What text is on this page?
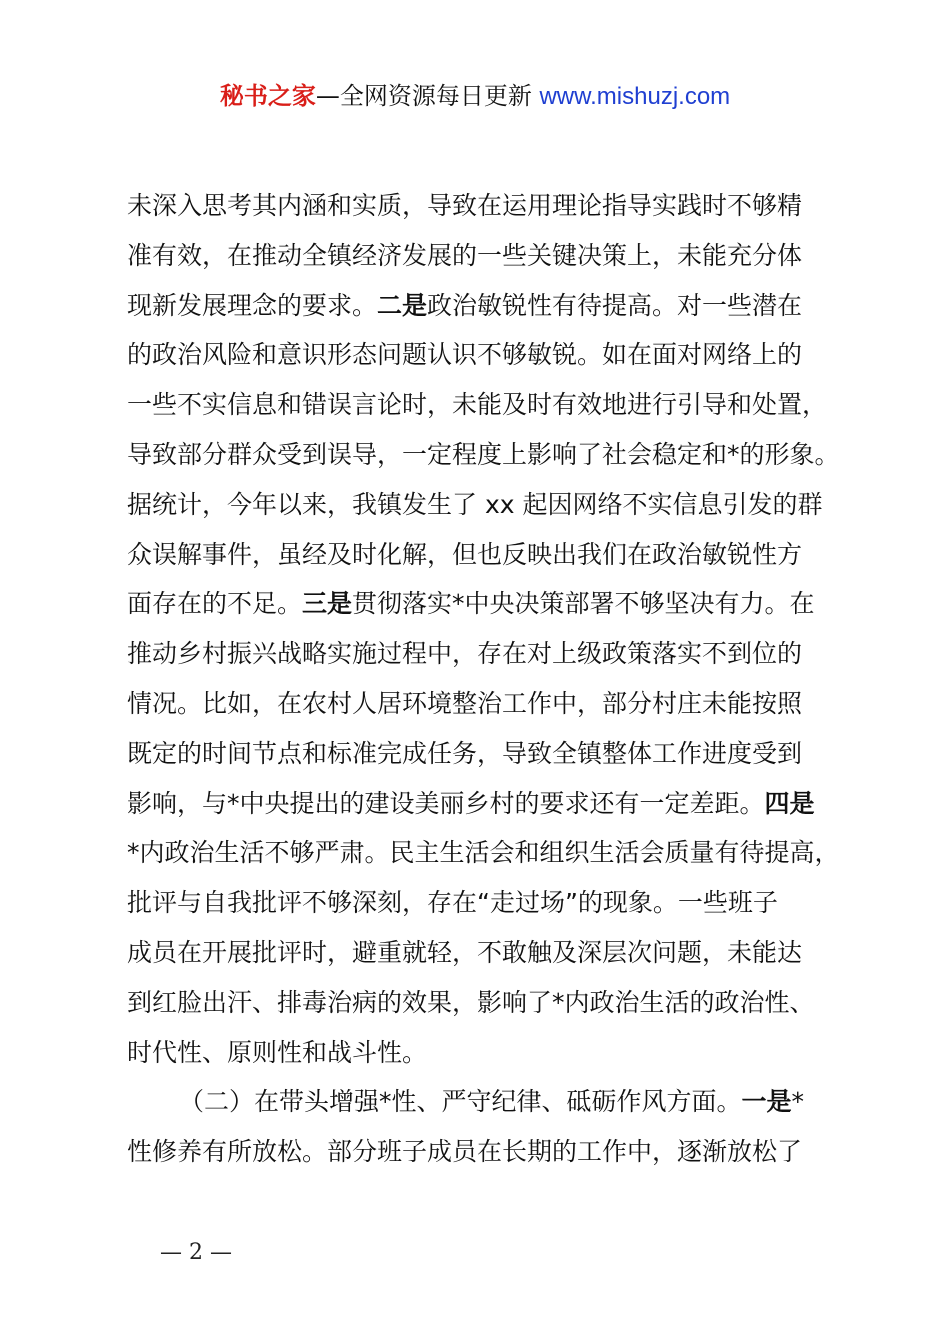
秘书之家—全网资源每日更新 www.mishuzj.com
未深入思考其内涵和实质，导致在运用理论指导实践时不够精
准有效，在推动全镇经济发展的一些关键决策上，未能充分体
现新发展理念的要求。二是政治敏锐性有待提高。对一些潜在
的政治风险和意识形态问题认识不够敏锐。如在面对网络上的
一些不实信息和错误言论时，未能及时有效地进行引导和处置，
导致部分群众受到误导，一定程度上影响了社会稳定和*的形象。
据统计，今年以来，我镇发生了 xx 起因网络不实信息引发的群
众误解事件，虽经及时化解，但也反映出我们在政治敏锐性方
面存在的不足。三是贯彻落实*中央决策部署不够坚决有力。在
推动乡村振兴战略实施过程中，存在对上级政策落实不到位的
情况。比如，在农村人居环境整治工作中，部分村庄未能按照
既定的时间节点和标准完成任务，导致全镇整体工作进度受到
影响，与*中央提出的建设美丽乡村的要求还有一定差距。四是
*内政治生活不够严肃。民主生活会和组织生活会质量有待提高，
批评与自我批评不够深刻，存在“走过场”的现象。一些班子
成员在开展批评时，避重就轻，不敢触及深层次问题，未能达
到红脸出汗、排毒治病的效果，影响了*内政治生活的政治性、
时代性、原则性和战斗性。
（二）在带头增强*性、严守纪律、砥砺作风方面。一是*
性修养有所放松。部分班子成员在长期的工作中，逐渐放松了
— 2 —
